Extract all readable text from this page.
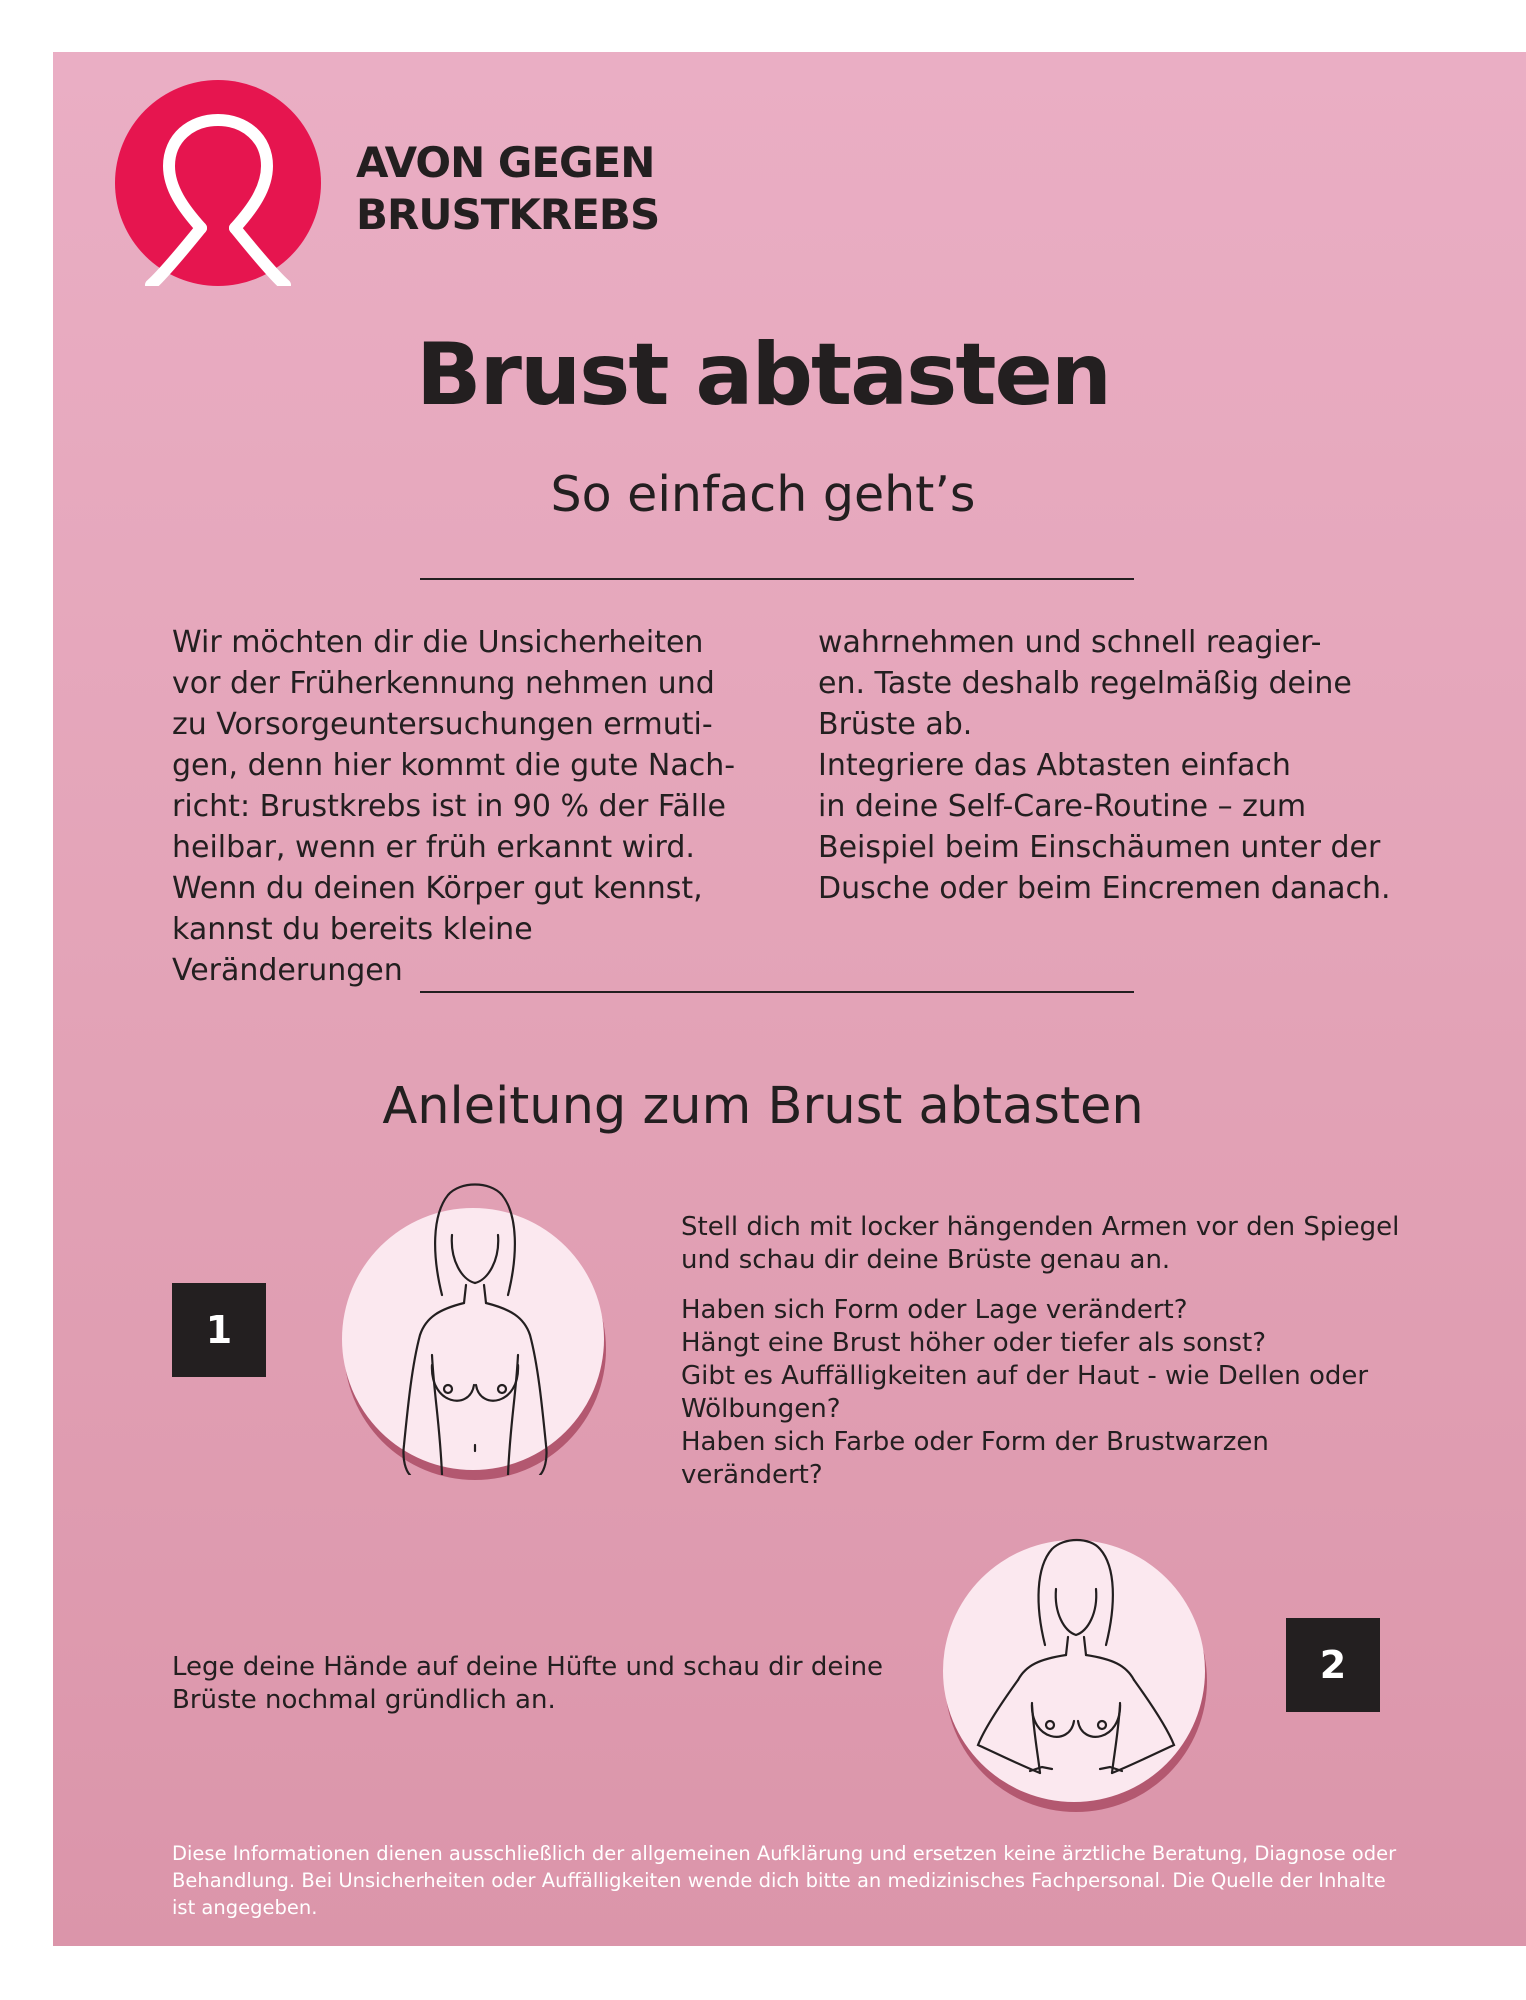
AVON GEGEN
BRUSTKREBS
Brust abtasten
So einfach geht’s

Wir möchten dir die Unsicherheiten

vor der Früherkennung nehmen und

zu Vorsorgeuntersuchungen ermuti-

gen, denn hier kommt die gute Nach-

richt: Brustkrebs ist in 90 % der Fälle

heilbar, wenn er früh erkannt wird.

Wenn du deinen Körper gut kennst,

kannst du bereits kleine Veränderungen

wahrnehmen und schnell reagier-

en. Taste deshalb regelmäßig deine

Brüste ab.

Integriere das Abtasten einfach

in deine Self-Care-Routine – zum

Beispiel beim Einschäumen unter der

Dusche oder beim Eincremen danach.

Anleitung zum Brust abtasten
1

Stell dich mit locker hängenden Armen vor den Spiegel und schau dir deine Brüste genau an.

Haben sich Form oder Lage verändert?
Hängt eine Brust höher oder tiefer als sonst?
Gibt es Auffälligkeiten auf der Haut - wie Dellen oder
Wölbungen?
Haben sich Farbe oder Form der Brustwarzen verändert?

Lege deine Hände auf deine Hüfte und schau dir deine Brüste nochmal gründlich an.

2
Diese Informationen dienen ausschließlich der allgemeinen Aufklärung und ersetzen keine ärztliche Beratung, Diagnose oder Behandlung. Bei Unsicherheiten oder Auffälligkeiten wende dich bitte an medizinisches Fachpersonal. Die Quelle der Inhalte ist angegeben.
